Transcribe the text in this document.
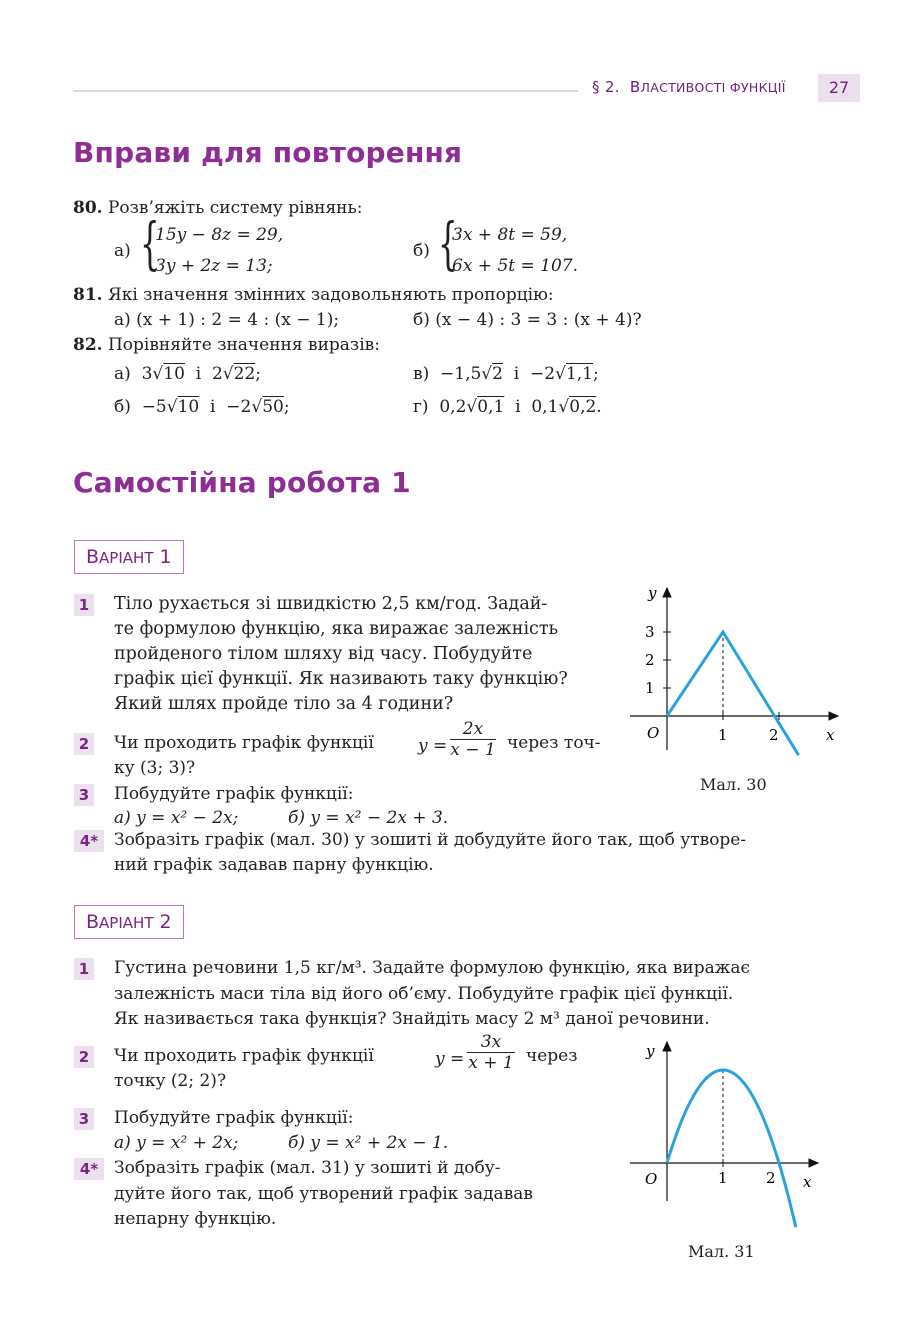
§ 2. ВЛАСТИВОСТІ ФУНКЦІЇ	27
Вправи для повторення
80. Розв’яжіть систему рівнянь:
а) {
15y − 8z = 29,
3y + 2z = 13;
б) {
3x + 8t = 59,
6x + 5t = 107.
81. Які значення змінних задовольняють пропорцію:
а) (x + 1) : 2 = 4 : (x − 1);	б) (x − 4) : 3 = 3 : (x + 4)?
82. Порівняйте значення виразів:
а) 3√10 і 2√22;	в) −1,5√2 і −2√1,1;
б) −5√10 і −2√50;	г) 0,2√0,1 і 0,1√0,2.
Самостійна робота 1
ВАРІАНТ 1
1 Тіло рухається зі швидкістю 2,5 км/год. Задай-
те формулою функцію, яка виражає залежність
пройденого тілом шляху від часу. Побудуйте
графік цієї функції. Як називають таку функцію?
Який шлях пройде тіло за 4 години?
2 Чи проходить графік функції	y =
2x
x − 1 через точ-
ку (3; 3)?
3 Побудуйте графік функції:
а) y = x² − 2x;	б) y = x² − 2x + 3.
4* Зобразіть графік (мал. 30) у зошиті й добудуйте його так, щоб утворе-
ний графік задавав парну функцію.
y
x
O	1	2
1
2
3
Мал. 30
ВАРІАНТ 2
1 Густина речовини 1,5 кг/м³. Задайте формулою функцію, яка виражає
залежність маси тіла від його об’єму. Побудуйте графік цієї функції.
Як називається така функція? Знайдіть масу 2 м³ даної речовини.
2 Чи проходить графік функції	y =
3x
x + 1 через
точку (2; 2)?
3 Побудуйте графік функції:
а) y = x² + 2x;	б) y = x² + 2x − 1.
4* Зобразіть графік (мал. 31) у зошиті й добу-
дуйте його так, щоб утворений графік задавав
непарну функцію.
y
x
O	1	2
Мал. 31
